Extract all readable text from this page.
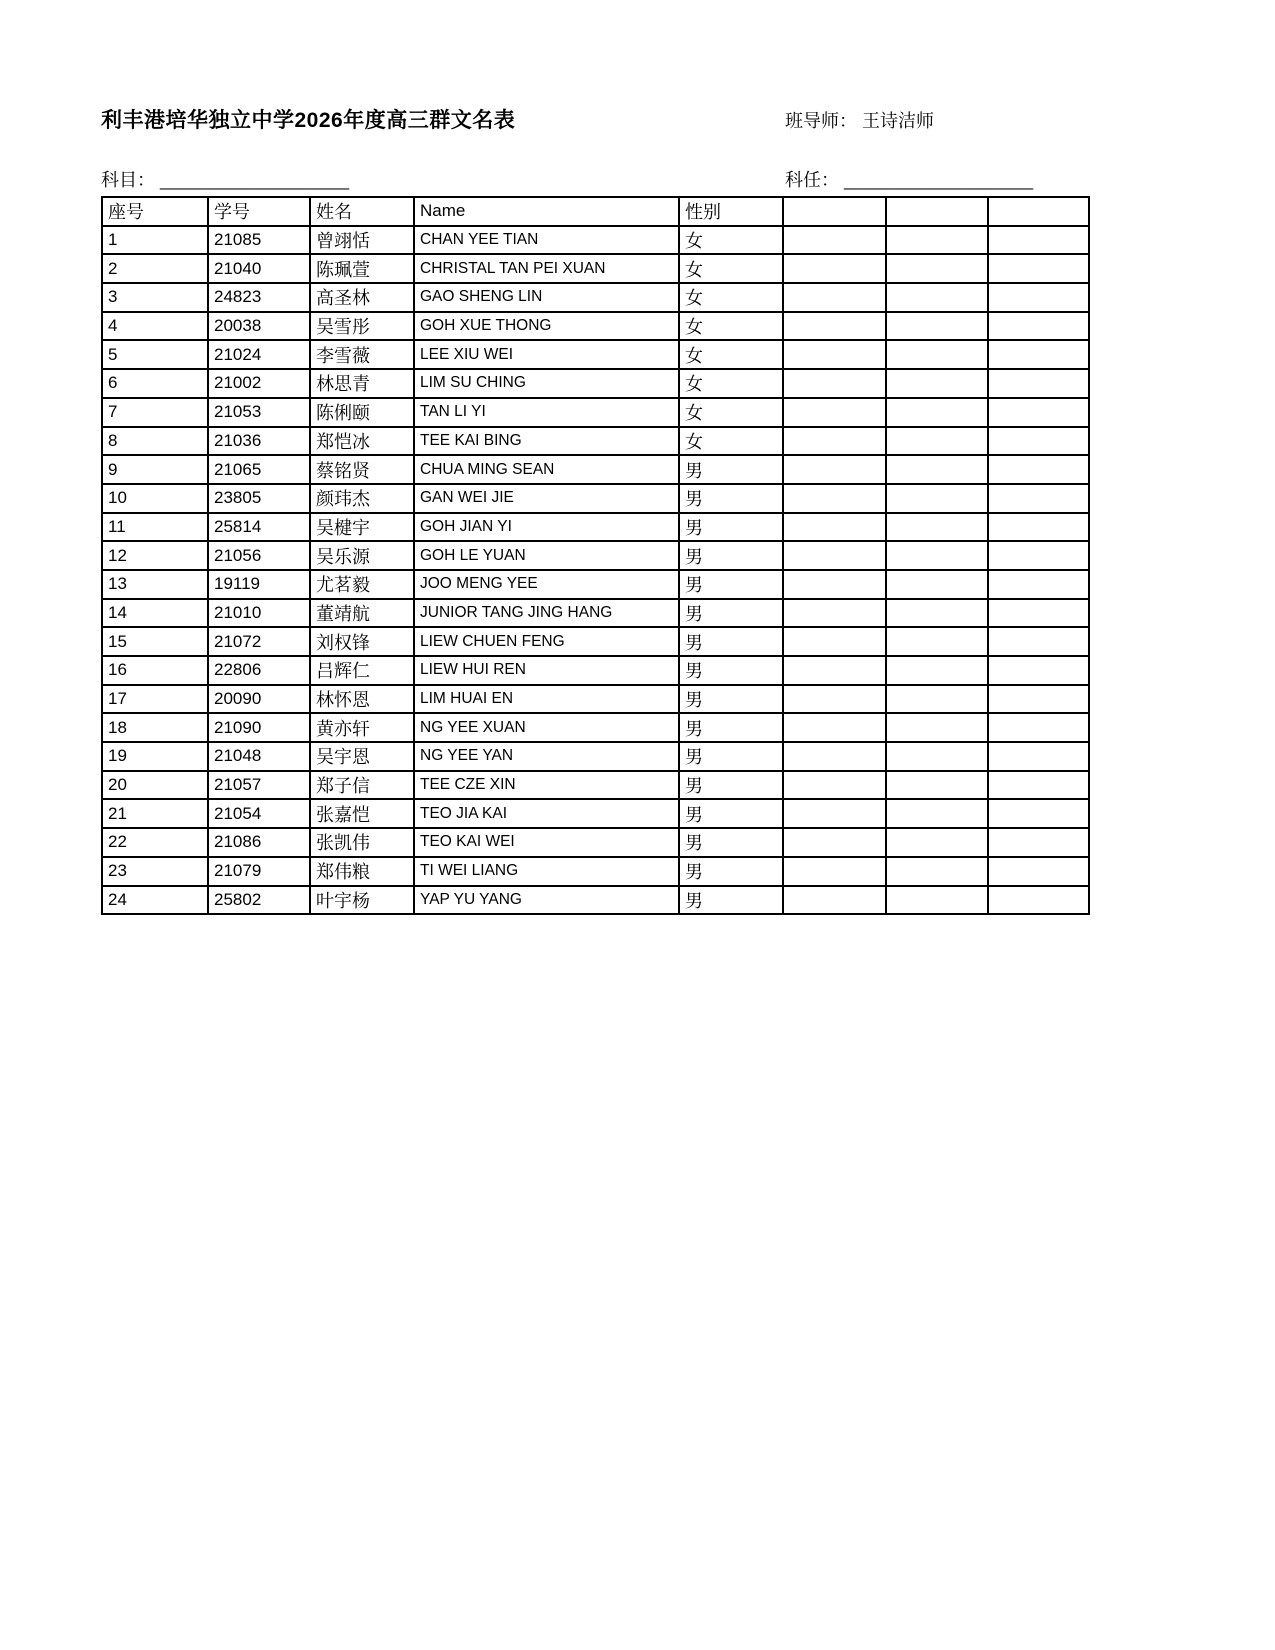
利丰港培华独立中学2026年度高三群文名表	班导师： 王诗洁师
科目： ____________________	科任： ____________________
座号	学号	姓名	Name	性别			
1	21085	曾翊恬	CHAN YEE TIAN	女			
2	21040	陈珮萱	CHRISTAL TAN PEI XUAN	女			
3	24823	高圣林	GAO SHENG LIN	女			
4	20038	吴雪彤	GOH XUE THONG	女			
5	21024	李雪薇	LEE XIU WEI	女			
6	21002	林思青	LIM SU CHING	女			
7	21053	陈俐颐	TAN LI YI	女			
8	21036	郑恺冰	TEE KAI BING	女			
9	21065	蔡铭贤	CHUA MING SEAN	男			
10	23805	颜玮杰	GAN WEI JIE	男			
11	25814	吴楗宇	GOH JIAN YI	男			
12	21056	吴乐源	GOH LE YUAN	男			
13	19119	尤茗毅	JOO MENG YEE	男			
14	21010	董靖航	JUNIOR TANG JING HANG	男			
15	21072	刘权锋	LIEW CHUEN FENG	男			
16	22806	吕辉仁	LIEW HUI REN	男			
17	20090	林怀恩	LIM HUAI EN	男			
18	21090	黄亦轩	NG YEE XUAN	男			
19	21048	吴宇恩	NG YEE YAN	男			
20	21057	郑子信	TEE CZE XIN	男			
21	21054	张嘉恺	TEO JIA KAI	男			
22	21086	张凯伟	TEO KAI WEI	男			
23	21079	郑伟粮	TI WEI LIANG	男			
24	25802	叶宇杨	YAP YU YANG	男			
